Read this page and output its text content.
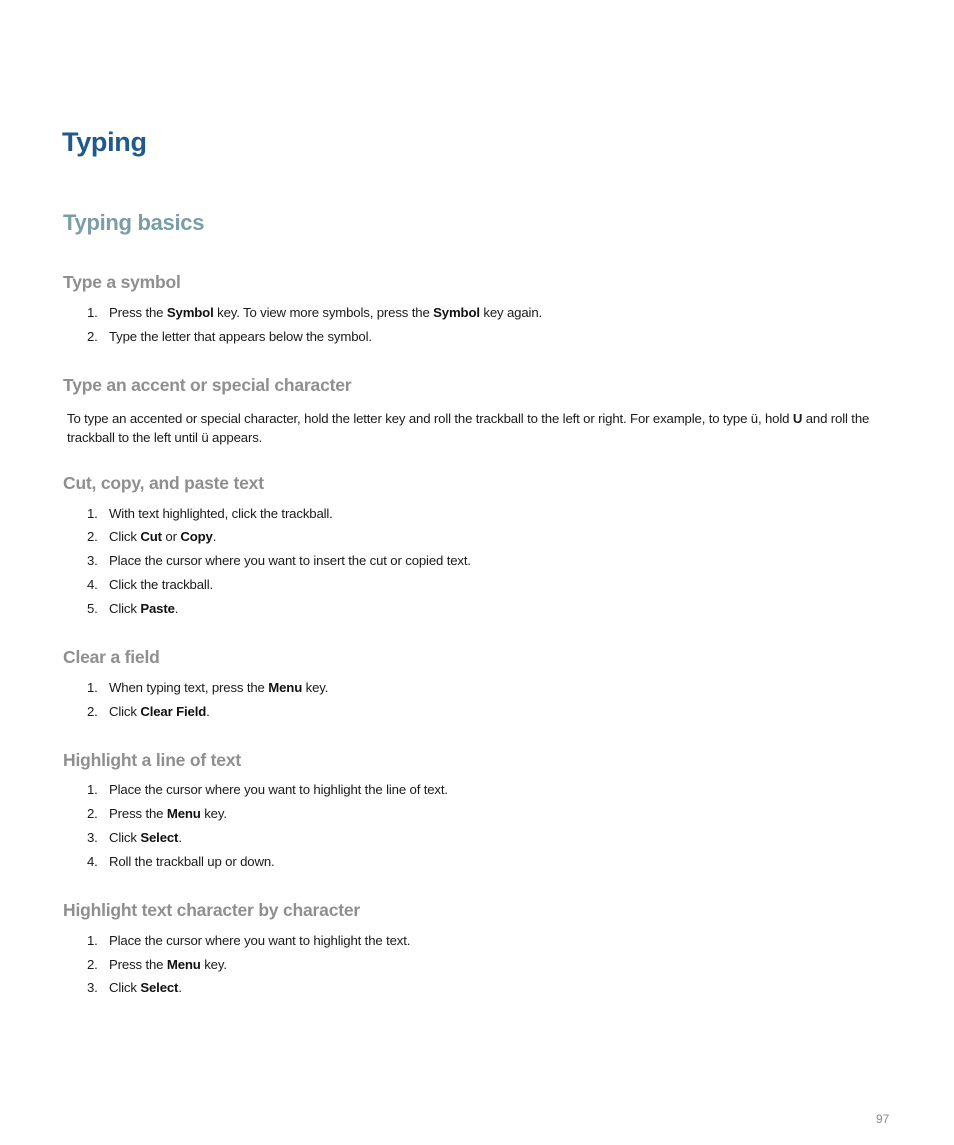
Typing
Typing basics
Type a symbol
1. Press the Symbol key. To view more symbols, press the Symbol key again.
2. Type the letter that appears below the symbol.
Type an accent or special character

To type an accented or special character, hold the letter key and roll the trackball to the left or right. For example, to type ü, hold U and roll the trackball to the left until ü appears.

Cut, copy, and paste text
1. With text highlighted, click the trackball.
2. Click Cut or Copy.
3. Place the cursor where you want to insert the cut or copied text.
4. Click the trackball.
5. Click Paste.
Clear a field
1. When typing text, press the Menu key.
2. Click Clear Field.
Highlight a line of text
1. Place the cursor where you want to highlight the line of text.
2. Press the Menu key.
3. Click Select.
4. Roll the trackball up or down.
Highlight text character by character
1. Place the cursor where you want to highlight the text.
2. Press the Menu key.
3. Click Select.
97
